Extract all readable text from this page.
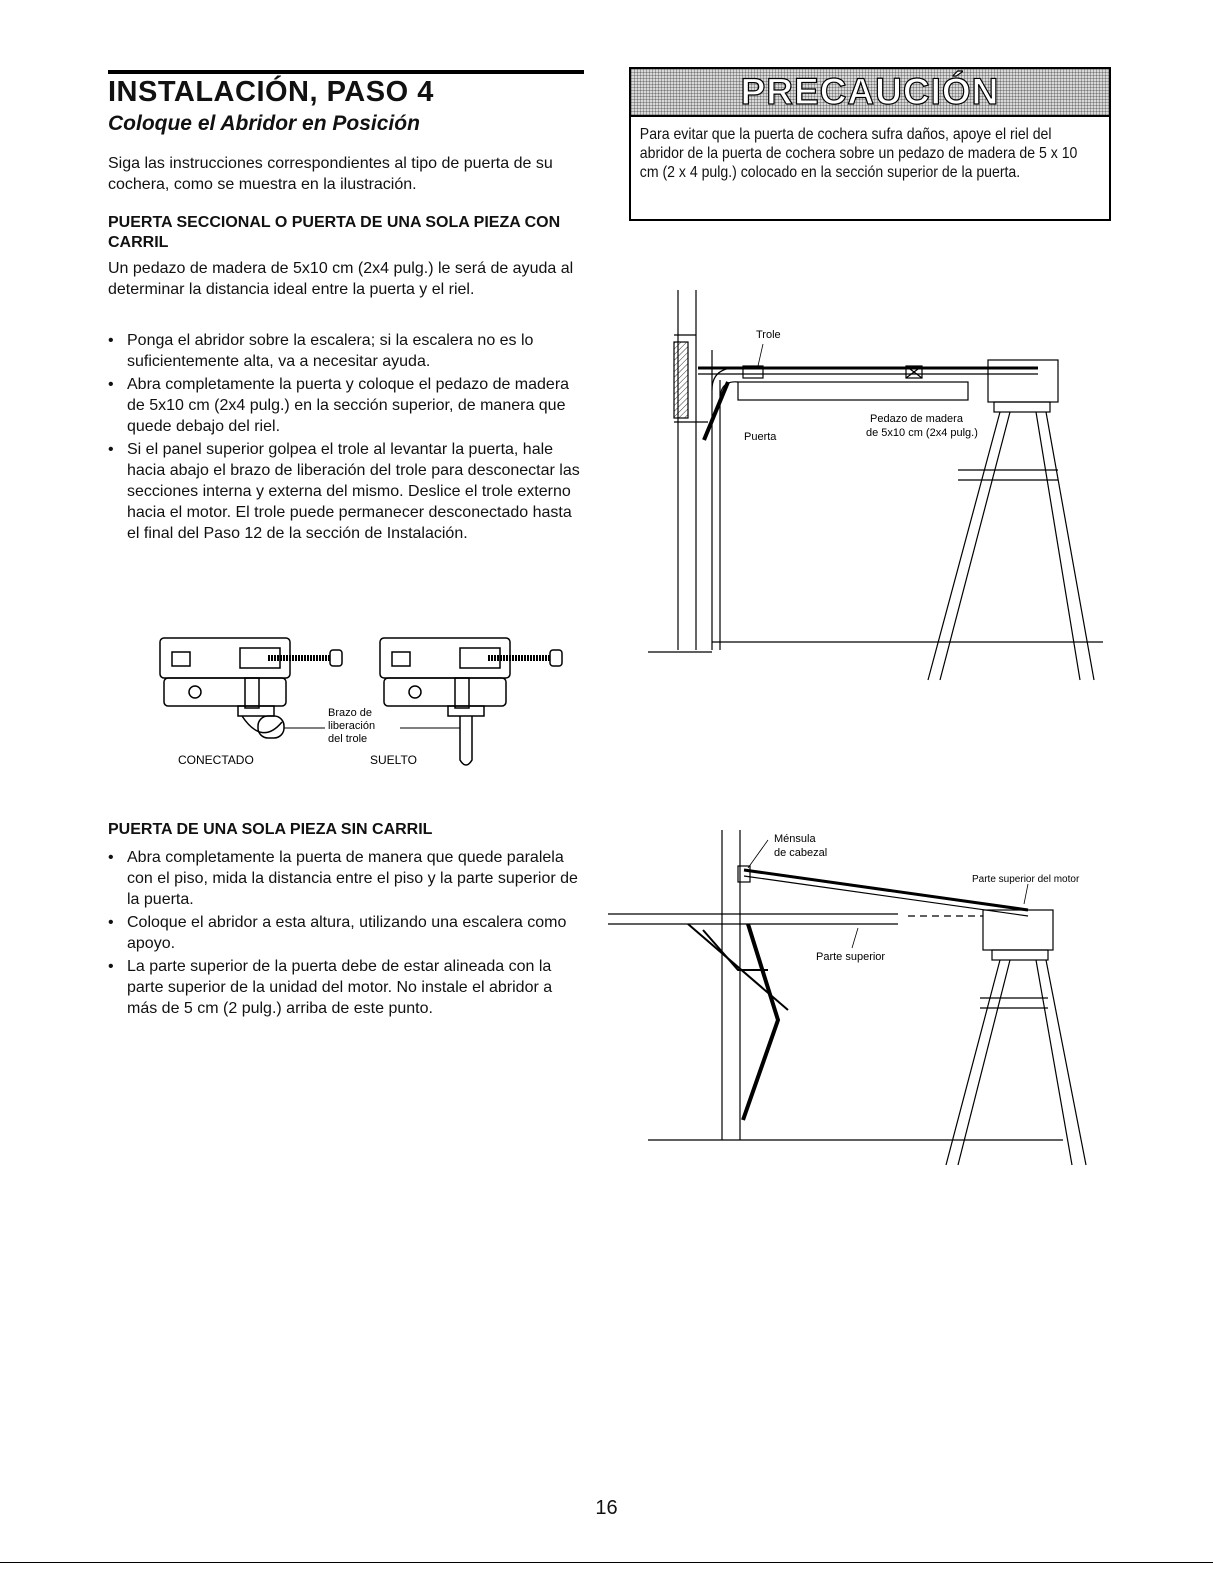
INSTALACIÓN, PASO 4
Coloque el Abridor en Posición
Siga las instrucciones correspondientes al tipo de puerta de su cochera, como se muestra en la ilustración.
PUERTA SECCIONAL O PUERTA DE UNA SOLA PIEZA CON CARRIL
Un pedazo de madera de 5x10 cm (2x4 pulg.) le será de ayuda al determinar la distancia ideal entre la puerta y el riel.
• Ponga el abridor sobre la escalera; si la escalera no es lo suficientemente alta, va a necesitar ayuda.
• Abra completamente la puerta y coloque el pedazo de madera de 5x10 cm (2x4 pulg.) en la sección superior, de manera que quede debajo del riel.
• Si el panel superior golpea el trole al levantar la puerta, hale hacia abajo el brazo de liberación del trole para desconectar las secciones interna y externa del mismo. Deslice el trole externo hacia el motor. El trole puede permanecer desconectado hasta el final del Paso 12 de la sección de Instalación.
Brazo de
liberación
del trole
CONECTADO	SUELTO
PUERTA DE UNA SOLA PIEZA SIN CARRIL
• Abra completamente la puerta de manera que quede paralela con el piso, mida la distancia entre el piso y la parte superior de la puerta.
• Coloque el abridor a esta altura, utilizando una escalera como apoyo.
• La parte superior de la puerta debe de estar alineada con la parte superior de la unidad del motor. No instale el abridor a más de 5 cm (2 pulg.) arriba de este punto.
PRECAUCIÓN
Para evitar que la puerta de cochera sufra daños, apoye el riel del abridor de la puerta de cochera sobre un pedazo de madera de 5 x 10 cm (2 x 4 pulg.) colocado en la sección superior de la puerta.
Trole
Puerta
Pedazo de madera
de 5x10 cm (2x4 pulg.)
Ménsula
de cabezal
Parte superior del motor
Parte superior
16
